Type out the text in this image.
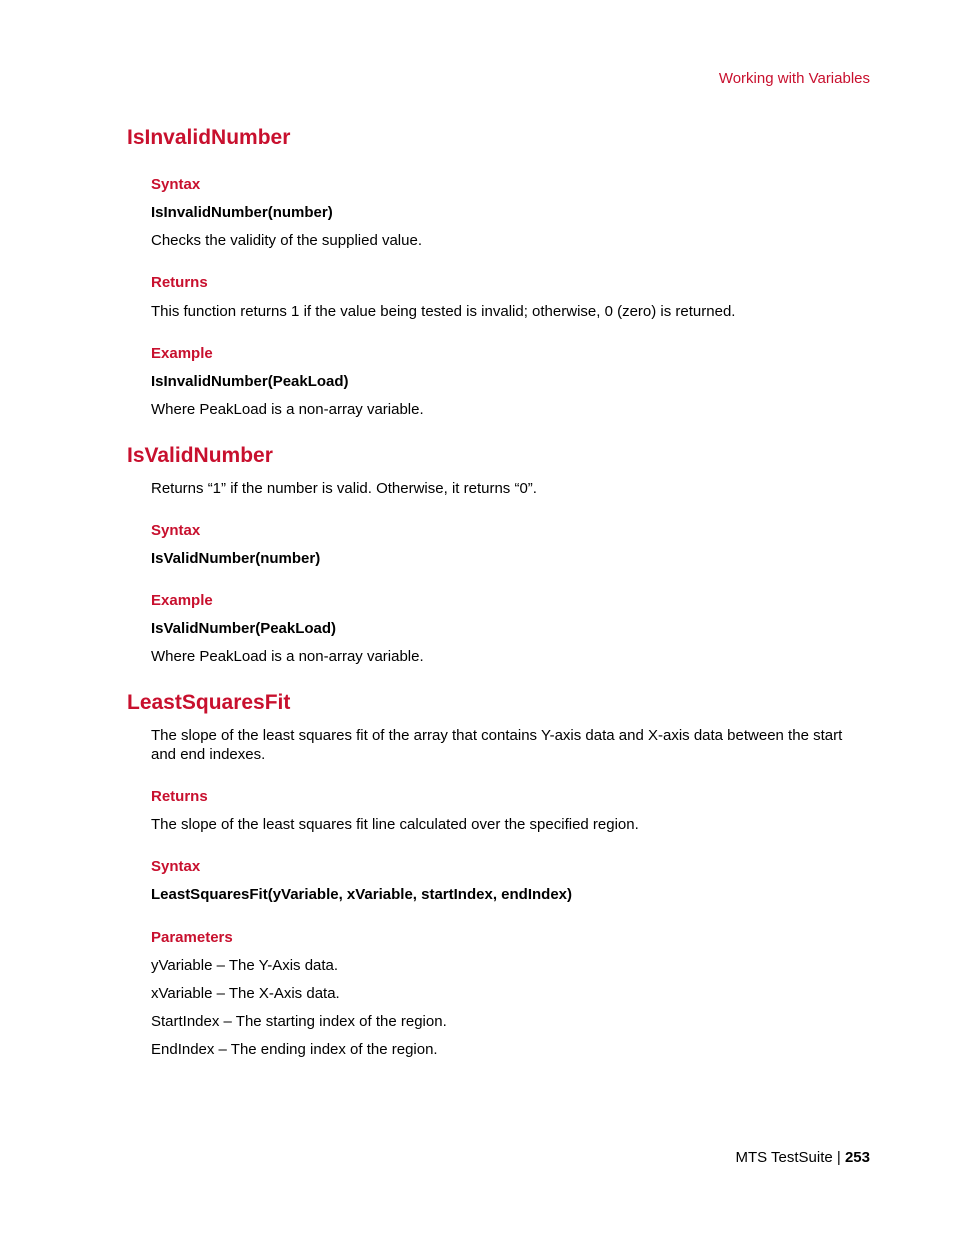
Working with Variables
IsInvalidNumber
Syntax

IsInvalidNumber(number)

Checks the validity of the supplied value.

Returns

This function returns 1 if the value being tested is invalid; otherwise, 0 (zero) is returned.

Example

IsInvalidNumber(PeakLoad)

Where PeakLoad is a non-array variable.

IsValidNumber

Returns “1” if the number is valid. Otherwise, it returns “0”.

Syntax

IsValidNumber(number)

Example

IsValidNumber(PeakLoad)

Where PeakLoad is a non-array variable.

LeastSquaresFit

The slope of the least squares fit of the array that contains Y-axis data and X-axis data between the start and end indexes.

Returns

The slope of the least squares fit line calculated over the specified region.

Syntax

LeastSquaresFit(yVariable, xVariable, startIndex, endIndex)

Parameters

yVariable – The Y-Axis data.

xVariable – The X-Axis data.

StartIndex – The starting index of the region.

EndIndex – The ending index of the region.

MTS TestSuite | 253
